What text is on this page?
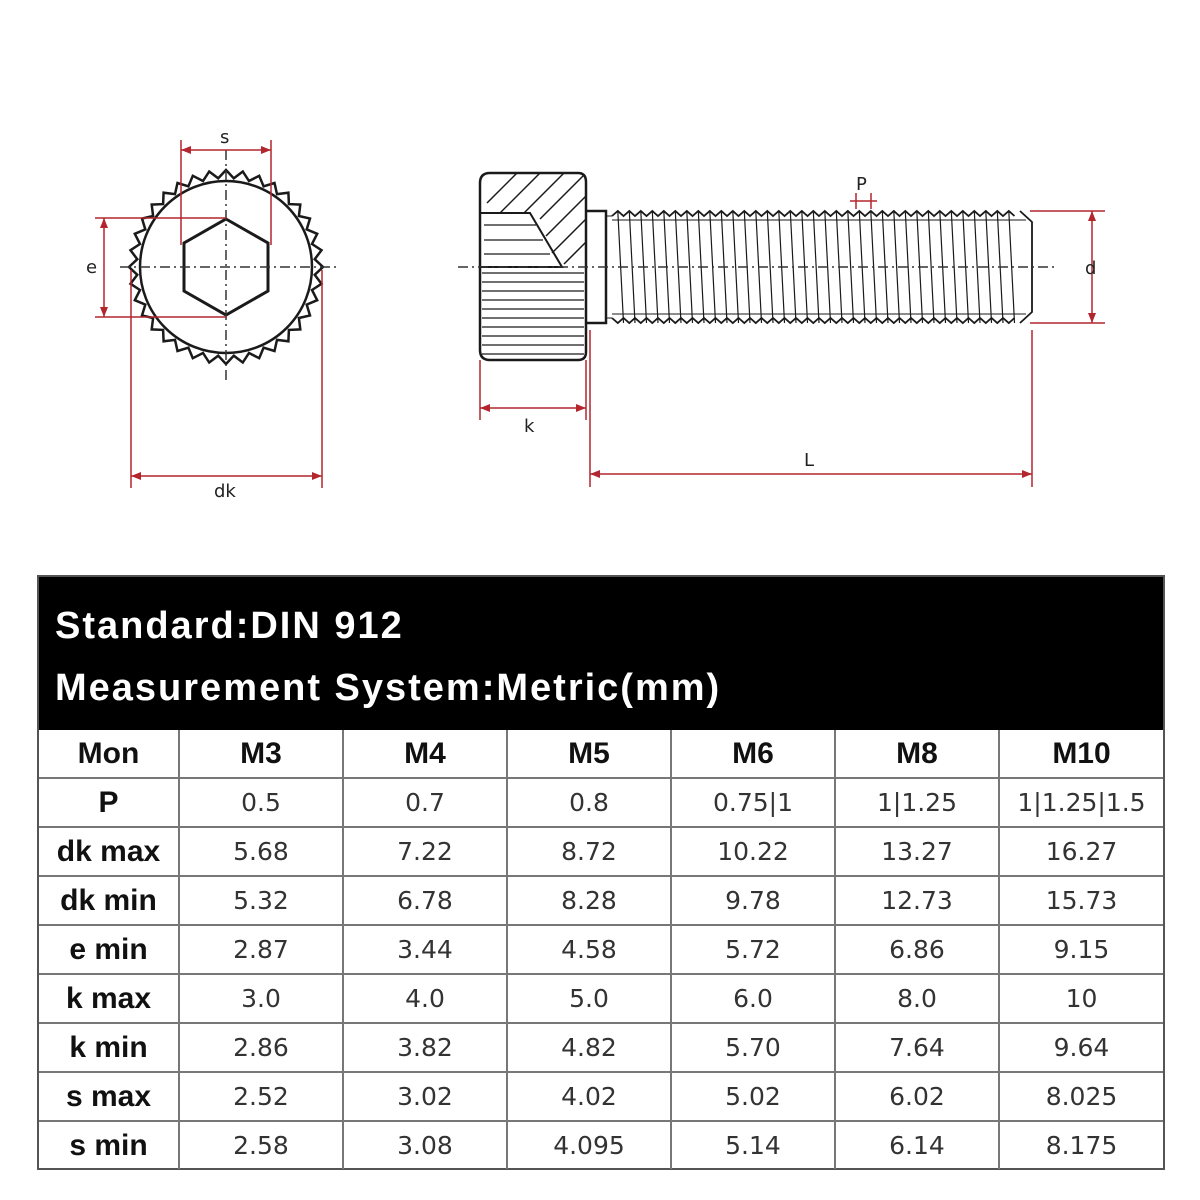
s
e
dk
P
d
k
L
Standard:DIN 912
Measurement System:Metric(mm)
Mon	M3	M4	M5	M6	M8	M10
P	0.5	0.7	0.8	0.75|1	1|1.25	1|1.25|1.5
dk max	5.68	7.22	8.72	10.22	13.27	16.27
dk min	5.32	6.78	8.28	9.78	12.73	15.73
e min	2.87	3.44	4.58	5.72	6.86	9.15
k max	3.0	4.0	5.0	6.0	8.0	10
k min	2.86	3.82	4.82	5.70	7.64	9.64
s max	2.52	3.02	4.02	5.02	6.02	8.025
s min	2.58	3.08	4.095	5.14	6.14	8.175
